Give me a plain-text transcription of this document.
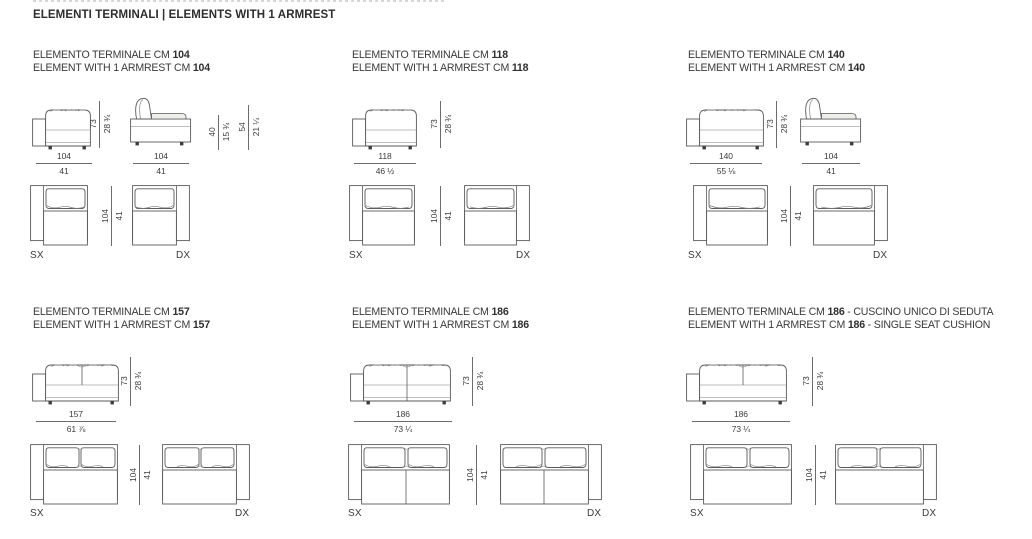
ELEMENTI TERMINALI | ELEMENTS WITH 1 ARMREST
ELEMENTO TERMINALE CM 104
ELEMENT WITH 1 ARMREST CM 104
73 28 ¾
104
41
40 15 ¾ 54 21 ¼
104
41
104 41
SX	DX
ELEMENTO TERMINALE CM 118
ELEMENT WITH 1 ARMREST CM 118
73 28 ¾
118
46 ½
104 41
SX	DX
ELEMENTO TERMINALE CM 140
ELEMENT WITH 1 ARMREST CM 140
73 28 ¾
140
55 ⅛
104
41
104 41
SX	DX
ELEMENTO TERMINALE CM 157
ELEMENT WITH 1 ARMREST CM 157
73 28 ¾
157
61 ⅞
104 41
SX	DX
ELEMENTO TERMINALE CM 186
ELEMENT WITH 1 ARMREST CM 186
73 28 ¾
186
73 ¼
104 41
SX	DX
ELEMENTO TERMINALE CM 186 - CUSCINO UNICO DI SEDUTA
ELEMENT WITH 1 ARMREST CM 186 - SINGLE SEAT CUSHION
73 28 ¾
186
73 ¼
104 41
SX	DX
